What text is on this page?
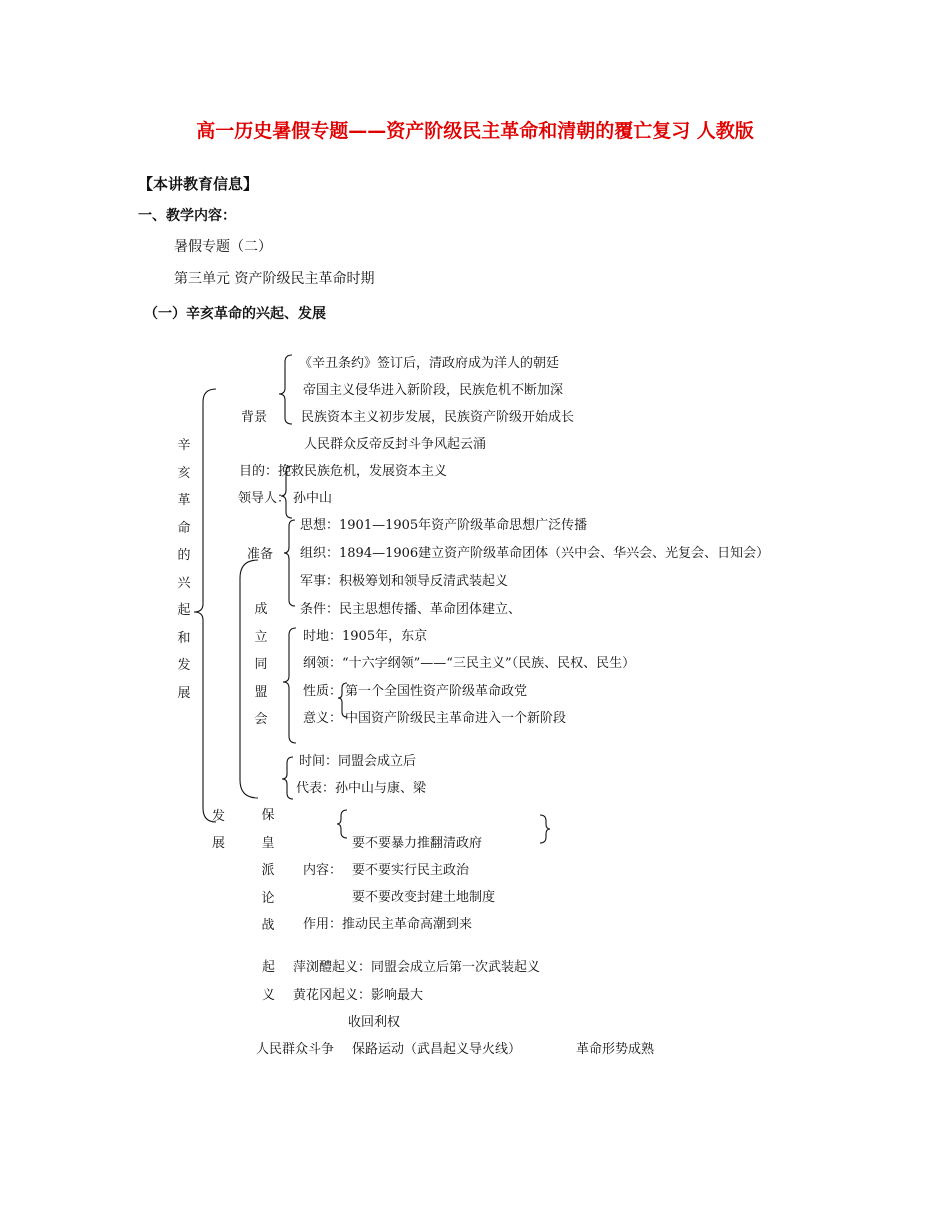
高一历史暑假专题——资产阶级民主革命和清朝的覆亡复习 人教版
【本讲教育信息】
一、教学内容：
暑假专题（二）
第三单元 资产阶级民主革命时期
（一）辛亥革命的兴起、发展
辛
亥
革
命
的
兴
起
和
发
展
背景
《辛丑条约》签订后，清政府成为洋人的朝廷
帝国主义侵华进入新阶段，民族危机不断加深
民族资本主义初步发展，民族资产阶级开始成长
人民群众反帝反封斗争风起云涌
目的：挽救民族危机，发展资本主义
领导人： 孙中山
准备
思想：1901—1905年资产阶级革命思想广泛传播
组织：1894—1906建立资产阶级革命团体（兴中会、华兴会、光复会、日知会）
军事：积极筹划和领导反清武装起义
条件：民主思想传播、革命团体建立、
成
立
同
盟
会
时地：1905年，东京
纲领：“十六字纲领”——“三民主义”（民族、民权、民生）
性质： 第一个全国性资产阶级革命政党
意义： 中国资产阶级民主革命进入一个新阶段
发
展
保
皇
派
论
战
时间：同盟会成立后
代表：孙中山与康、梁
内容：
要不要暴力推翻清政府
要不要实行民主政治
要不要改变封建土地制度
作用：推动民主革命高潮到来
起
义
萍浏醴起义：同盟会成立后第一次武装起义
黄花冈起义：影响最大
收回利权
人民群众斗争 保路运动（武昌起义导火线）	革命形势成熟
